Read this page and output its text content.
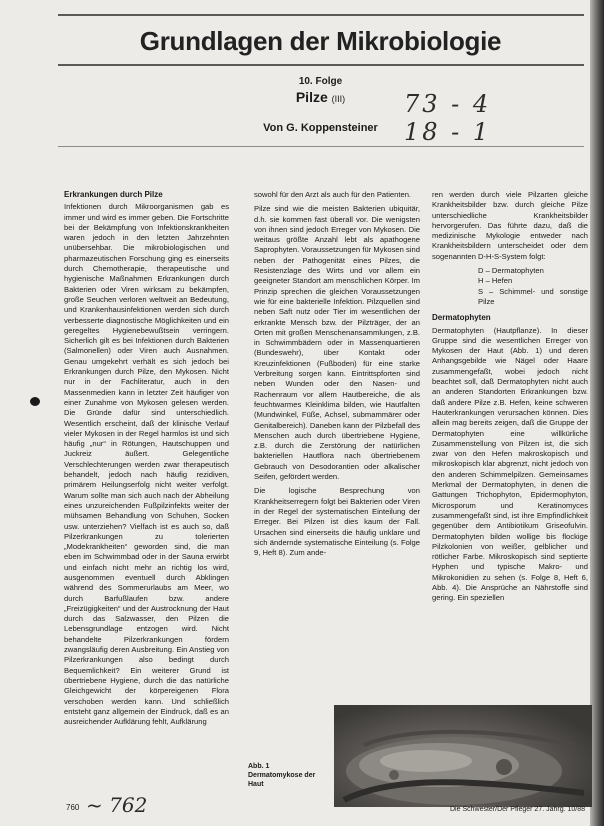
Grundlagen der Mikrobiologie
10. Folge
Pilze (III)	73 - 4
18 - 1
Von G. Koppensteiner
Erkrankungen durch Pilze

Infektionen durch Mikroorganismen gab es immer und wird es immer geben. Die Fortschritte bei der Bekämpfung von Infektionskrankheiten waren jedoch in den letzten Jahrzehnten unübersehbar. Die mikrobiologischen und pharmazeutischen Forschung ging es einerseits durch Chemotherapie, therapeutische und hygienische Maßnahmen Erkrankungen durch Bakterien oder Viren wirksam zu bekämpfen, große Seuchen verloren weltweit an Bedeutung, und Krankenhausinfektionen werden sich durch verbesserte diagnostische Möglichkeiten und ein geregeltes Hygienebewußtsein verringern. Sicherlich gilt es bei Infektionen durch Bakterien (Salmonellen) oder Viren auch Ausnahmen. Genau umgekehrt verhält es sich jedoch bei Erkrankungen durch Pilze, den Mykosen. Nicht nur in der Fachliteratur, auch in den Massenmedien kann in letzter Zeit häufiger von einer Zunahme von Mykosen gelesen werden. Die Gründe dafür sind unterschiedlich. Wesentlich erscheint, daß der klinische Verlauf vieler Mykosen in der Regel harmlos ist und sich häufig „nur“ in Rötungen, Hautschuppen und Juckreiz äußert. Gelegentliche Verschlechterungen werden zwar therapeutisch behandelt, jedoch nach häufig rezidiven, primärem Heilungserfolg nicht weiter verfolgt. Warum sollte man sich auch nach der Abheilung eines unzureichenden Fußpilzinfekts weiter der mühsamen Behandlung von Schuhen, Socken usw. unterziehen? Vielfach ist es auch so, daß Pilzerkrankungen zu tolerierten „Modekrankheiten“ geworden sind, die man eben im Schwimmbad oder in der Sauna erwirbt und einfach nicht mehr an richtig los wird, ausgenommen eventuell durch Abklingen während des Sommerurlaubs am Meer, wo durch Barfußlaufen bzw. andere „Freizügigkeiten“ und der Austrocknung der Haut durch das Salzwasser, den Pilzen die Lebensgrundlage entzogen wird. Nicht behandelte Pilzerkrankungen fördern zwangsläufig deren Ausbreitung. Ein Anstieg von Pilzerkrankungen also bedingt durch Bequemlichkeit? Ein weiterer Grund ist übertriebene Hygiene, durch die das natürliche Gleichgewicht der körpereigenen Flora verschoben werden kann. Und schließlich entsteht ganz allgemein der Eindruck, daß es an ausreichender Aufklärung fehlt, Aufklärung

sowohl für den Arzt als auch für den Patienten.

Pilze sind wie die meisten Bakterien ubiquitär, d.h. sie kommen fast überall vor. Die wenigsten von ihnen sind jedoch Erreger von Mykosen. Die weitaus größte Anzahl lebt als apathogene Saprophyten. Voraussetzungen für Mykosen sind neben der Pathogenität eines Pilzes, die Resistenzlage des Wirts und vor allem ein geeigneter Standort am menschlichen Körper. Im Prinzip sprechen die gleichen Voraussetzungen wie für eine bakterielle Infektion. Pilzquellen sind neben Saft nutz oder Tier im wesentlichen der erkrankte Mensch bzw. der Pilzträger, der an Orten mit großen Menschenansammlungen, z.B. in Schwimmbädern oder in Massenquartieren (Bundeswehr), über Kontakt oder Kreuzinfektionen (Fußboden) für eine starke Verbreitung sorgen kann. Eintrittspforten sind neben Wunden oder den Nasen- und Rachenraum vor allem Hautbereiche, die als feuchtwarmes Kleinklima bilden, wie Hautfalten (Mundwinkel, Füße, Achsel, submammärer oder Genitalbereich). Daneben kann der Pilzbefall des Menschen auch durch übertriebene Hygiene, z.B. durch die Zerstörung der natürlichen bakteriellen Hautflora nach übertriebenem Gebrauch von Desodorantien oder alkalischer Seifen, gefördert werden.

Die logische Besprechung von Krankheitserregern folgt bei Bakterien oder Viren in der Regel der systematischen Einteilung der Erreger. Bei Pilzen ist dies kaum der Fall. Ursachen sind einerseits die häufig unklare und sich ändernde systematische Einteilung (s. Folge 9, Heft 8). Zum ande-

ren werden durch viele Pilzarten gleiche Krankheitsbilder bzw. durch gleiche Pilze unterschiedliche Krankheitsbilder hervorgerufen. Das führte dazu, daß die medizinische Mykologie entweder nach Krankheitsbildern unterscheidet oder dem sogenannten D-H-S-System folgt:

D – Dermatophyten
H – Hefen
S – Schimmel- und sonstige Pilze
Dermatophyten

Dermatophyten (Hautpflanze). In dieser Gruppe sind die wesentlichen Erreger von Mykosen der Haut (Abb. 1) und deren Anhangsgebilde wie Nägel oder Haare zusammengefaßt, wobei jedoch nicht beachtet soll, daß Dermatophyten nicht auch an anderen Standorten Erkrankungen bzw. daß andere Pilze z.B. Hefen, keine schweren Hauterkrankungen verursachen können. Dies allein mag bereits zeigen, daß die Gruppe der Dermatophyten eine willkürliche Zusammenstellung von Pilzen ist, die sich zwar von den Hefen makroskopisch und mikroskopisch klar abgrenzt, nicht jedoch von den anderen Schimmelpilzen. Gemeinsames Merkmal der Dermatophyten, in denen die Gattungen Trichophyton, Epidermophyton, Microsporum und Keratinomyces zusammengefaßt sind, ist ihre Empfindlichkeit gegenüber dem Antibiotikum Griseofulvin. Dermatophyten bilden wollige bis flockige Pilzkolonien von weißer, gelblicher und rötlicher Farbe. Mikroskopisch sind septierte Hyphen und typische Makro- und Mikrokonidien zu sehen (s. Folge 8, Heft 6, Abb. 4). Die Ansprüche an Nährstoffe sind gering. Ein speziellen

Abb. 1
Dermatomykose der Haut
760 ~ 762	Die Schwester/Der Pfleger 27. Jahrg. 10/88
